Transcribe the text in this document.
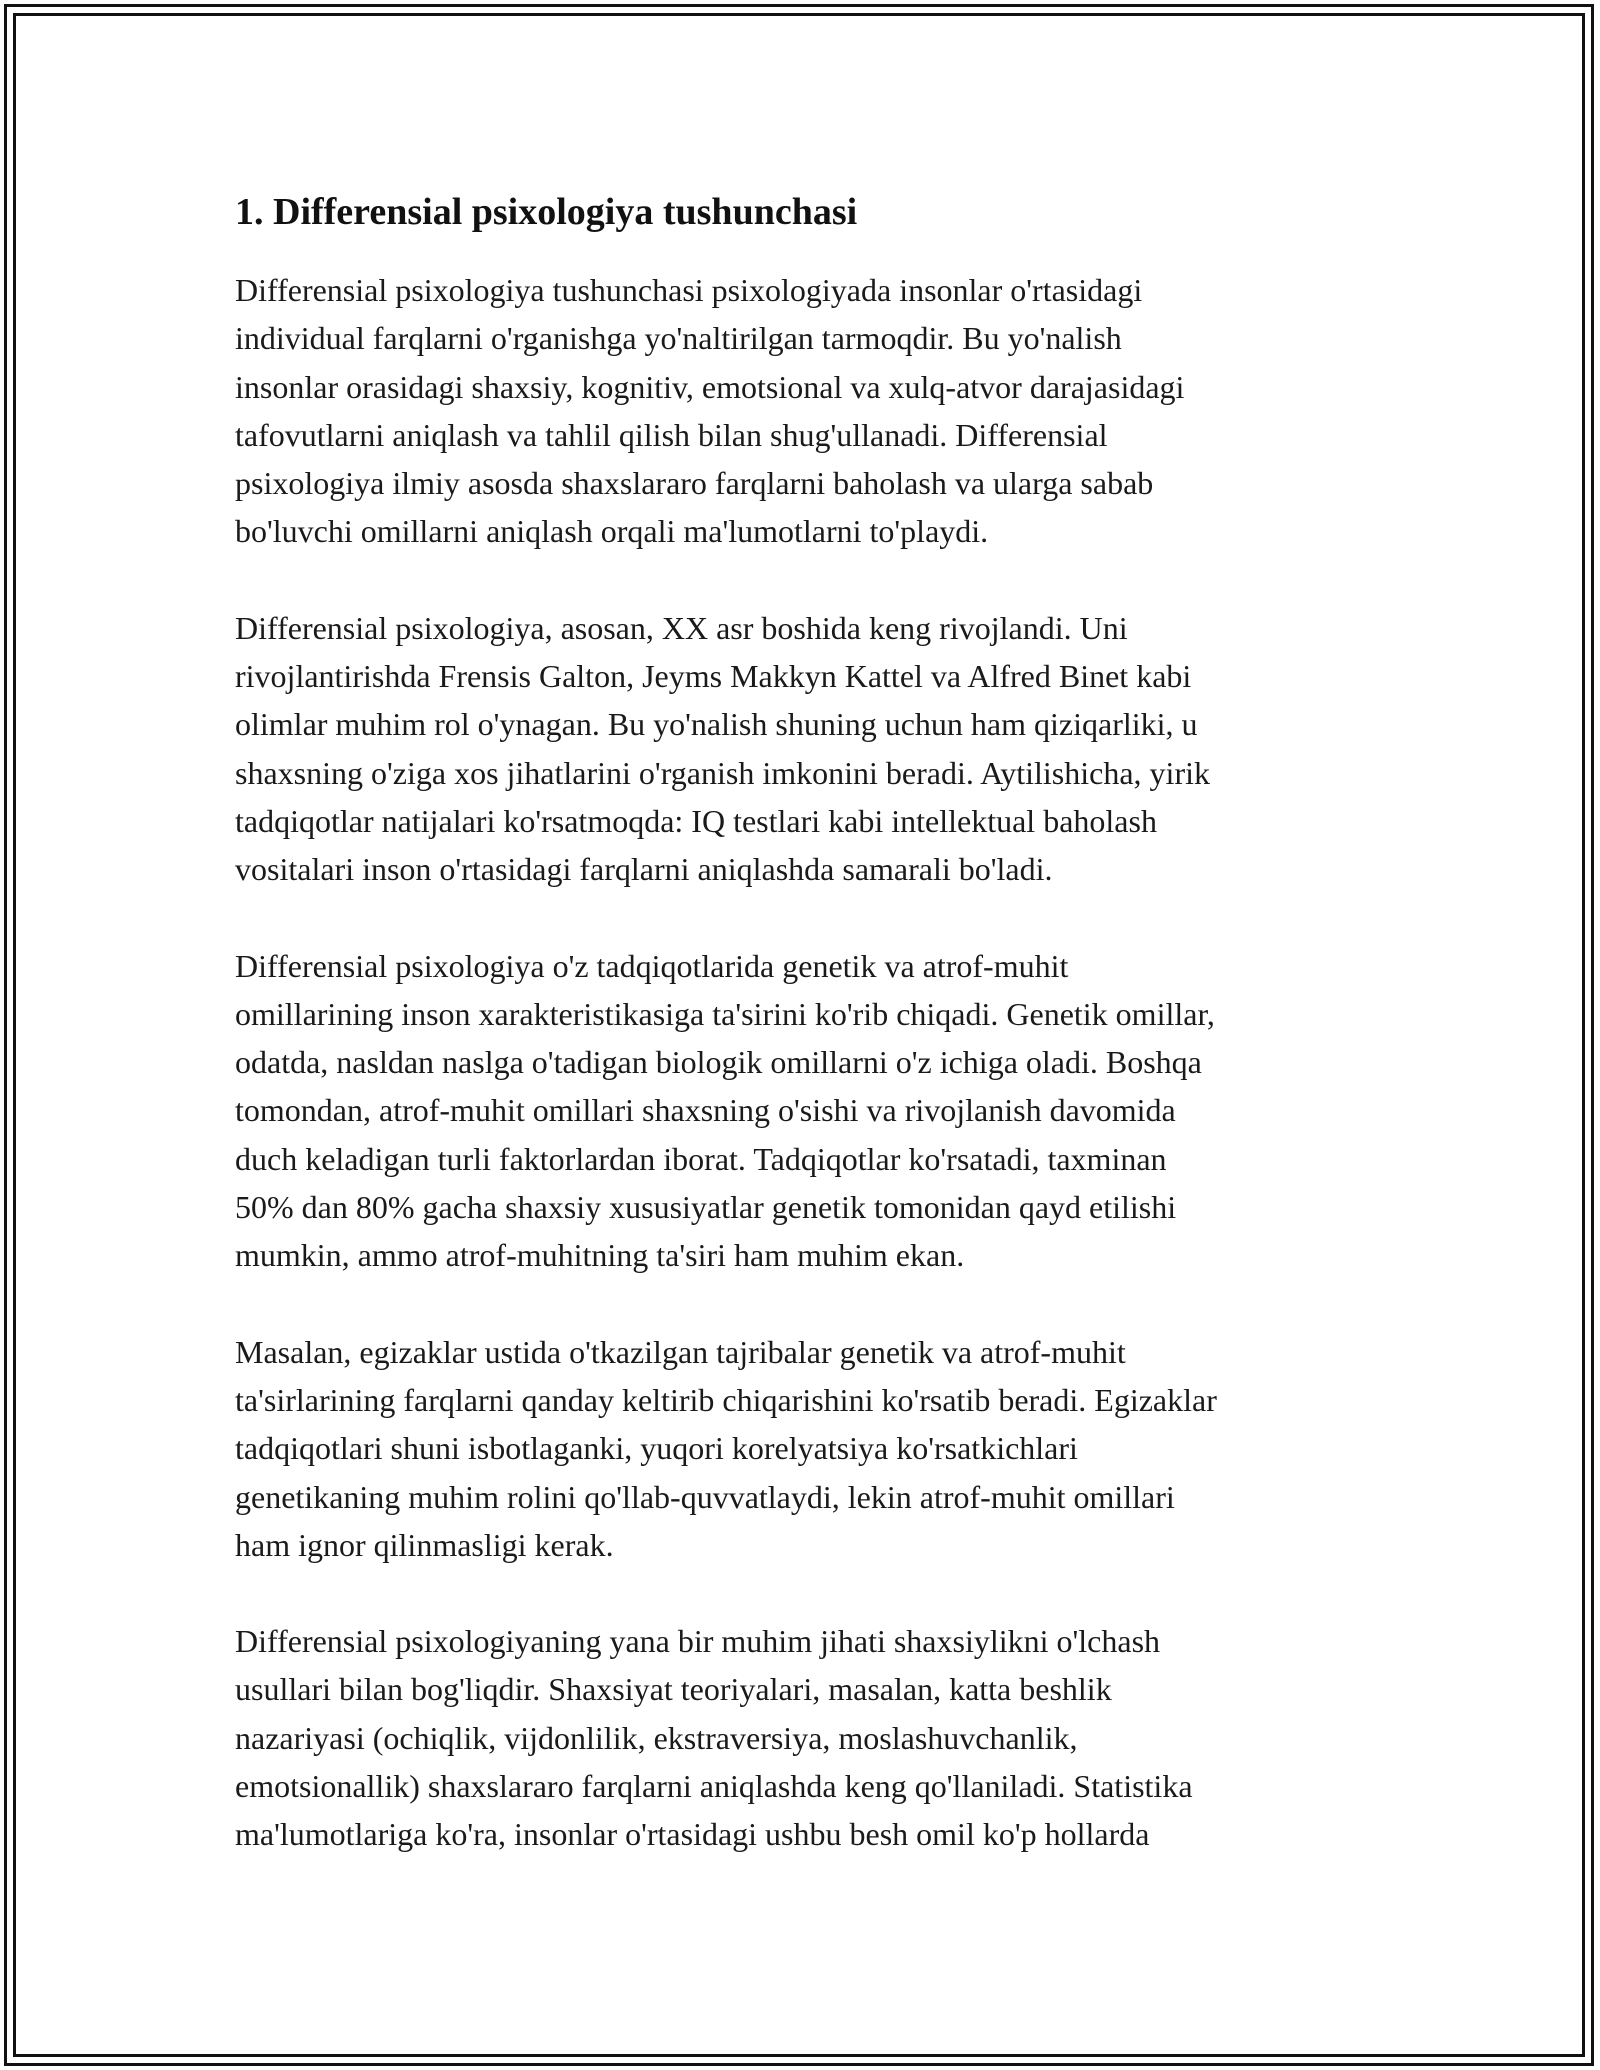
1. Differensial psixologiya tushunchasi

Differensial psixologiya tushunchasi psixologiyada insonlar o'rtasidagi
individual farqlarni o'rganishga yo'naltirilgan tarmoqdir. Bu yo'nalish
insonlar orasidagi shaxsiy, kognitiv, emotsional va xulq-atvor darajasidagi
tafovutlarni aniqlash va tahlil qilish bilan shug'ullanadi. Differensial
psixologiya ilmiy asosda shaxslararo farqlarni baholash va ularga sabab
bo'luvchi omillarni aniqlash orqali ma'lumotlarni to'playdi.

Differensial psixologiya, asosan, XX asr boshida keng rivojlandi. Uni
rivojlantirishda Frensis Galton, Jeyms Makkyn Kattel va Alfred Binet kabi
olimlar muhim rol o'ynagan. Bu yo'nalish shuning uchun ham qiziqarliki, u
shaxsning o'ziga xos jihatlarini o'rganish imkonini beradi. Aytilishicha, yirik
tadqiqotlar natijalari ko'rsatmoqda: IQ testlari kabi intellektual baholash
vositalari inson o'rtasidagi farqlarni aniqlashda samarali bo'ladi.

Differensial psixologiya o'z tadqiqotlarida genetik va atrof-muhit
omillarining inson xarakteristikasiga ta'sirini ko'rib chiqadi. Genetik omillar,
odatda, nasldan naslga o'tadigan biologik omillarni o'z ichiga oladi. Boshqa
tomondan, atrof-muhit omillari shaxsning o'sishi va rivojlanish davomida
duch keladigan turli faktorlardan iborat. Tadqiqotlar ko'rsatadi, taxminan
50% dan 80% gacha shaxsiy xususiyatlar genetik tomonidan qayd etilishi
mumkin, ammo atrof-muhitning ta'siri ham muhim ekan.

Masalan, egizaklar ustida o'tkazilgan tajribalar genetik va atrof-muhit
ta'sirlarining farqlarni qanday keltirib chiqarishini ko'rsatib beradi. Egizaklar
tadqiqotlari shuni isbotlaganki, yuqori korelyatsiya ko'rsatkichlari
genetikaning muhim rolini qo'llab-quvvatlaydi, lekin atrof-muhit omillari
ham ignor qilinmasligi kerak.

Differensial psixologiyaning yana bir muhim jihati shaxsiylikni o'lchash
usullari bilan bog'liqdir. Shaxsiyat teoriyalari, masalan, katta beshlik
nazariyasi (ochiqlik, vijdonlilik, ekstraversiya, moslashuvchanlik,
emotsionallik) shaxslararo farqlarni aniqlashda keng qo'llaniladi. Statistika
ma'lumotlariga ko'ra, insonlar o'rtasidagi ushbu besh omil ko'p hollarda
